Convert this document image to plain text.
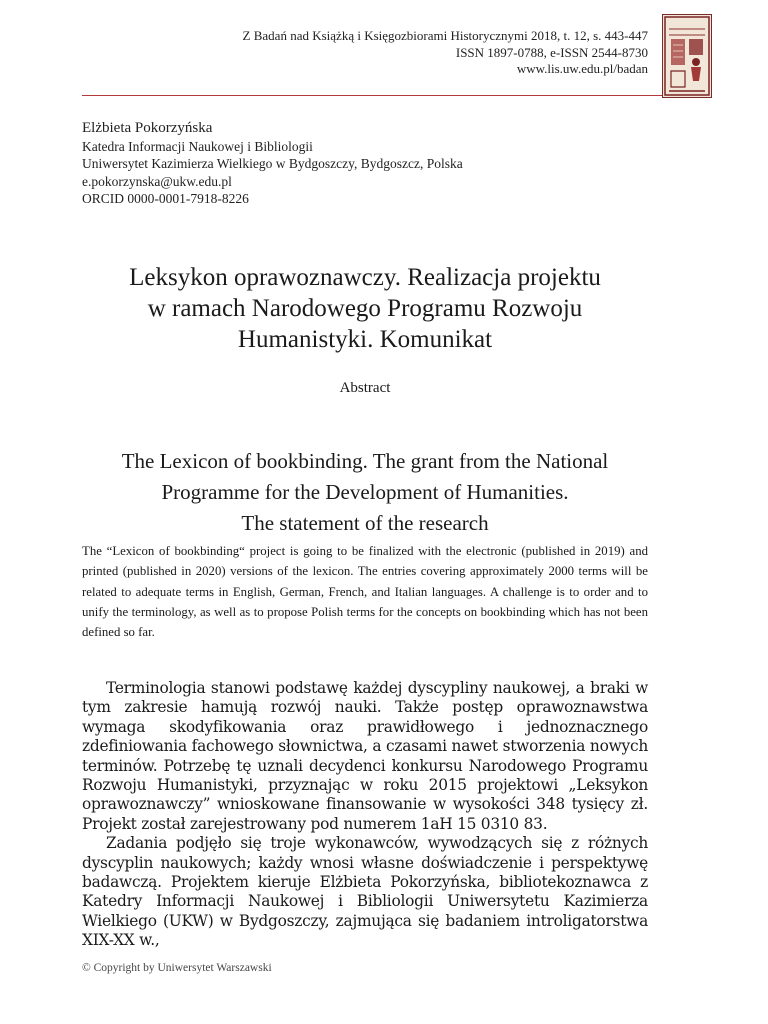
Z Badań nad Książką i Księgozbiorami Historycznymi 2018, t. 12, s. 443-447
ISSN 1897-0788, e-ISSN 2544-8730
www.lis.uw.edu.pl/badan
Elżbieta Pokorzyńska
Katedra Informacji Naukowej i Bibliologii
Uniwersytet Kazimierza Wielkiego w Bydgoszczy, Bydgoszcz, Polska
e.pokorzynska@ukw.edu.pl
ORCID 0000-0001-7918-8226
Leksykon oprawoznawczy. Realizacja projektu
w ramach Narodowego Programu Rozwoju
Humanistyki. Komunikat
Abstract
The Lexicon of bookbinding. The grant from the National
Programme for the Development of Humanities.
The statement of the research
The “Lexicon of bookbinding“ project is going to be finalized with the electronic (published in 2019) and printed (published in 2020) versions of the lexicon. The entries covering approximately 2000 terms will be related to adequate terms in English, German, French, and Italian languages. A challenge is to order and to unify the terminology, as well as to propose Polish terms for the concepts on bookbinding which has not been defined so far.

Terminologia stanowi podstawę każdej dyscypliny naukowej, a braki w tym zakresie hamują rozwój nauki. Także postęp oprawoznawstwa wymaga skodyfikowania oraz prawidłowego i jednoznacznego zdefiniowania fachowego słownictwa, a czasami nawet stworzenia nowych terminów. Potrzebę tę uznali decydenci konkursu Narodowego Programu Rozwoju Humanistyki, przyznając w roku 2015 projektowi „Leksykon oprawoznawczy” wnioskowane finansowanie w wysokości 348 tysięcy zł. Projekt został zarejestrowany pod numerem 1aH 15 0310 83.

Zadania podjęło się troje wykonawców, wywodzących się z różnych dyscyplin naukowych; każdy wnosi własne doświadczenie i perspektywę badawczą. Projektem kieruje Elżbieta Pokorzyńska, bibliotekoznawca z Katedry Informacji Naukowej i Bibliologii Uniwersytetu Kazimierza Wielkiego (UKW) w Bydgoszczy, zajmująca się badaniem introligatorstwa XIX-XX w.,

© Copyright by Uniwersytet Warszawski
